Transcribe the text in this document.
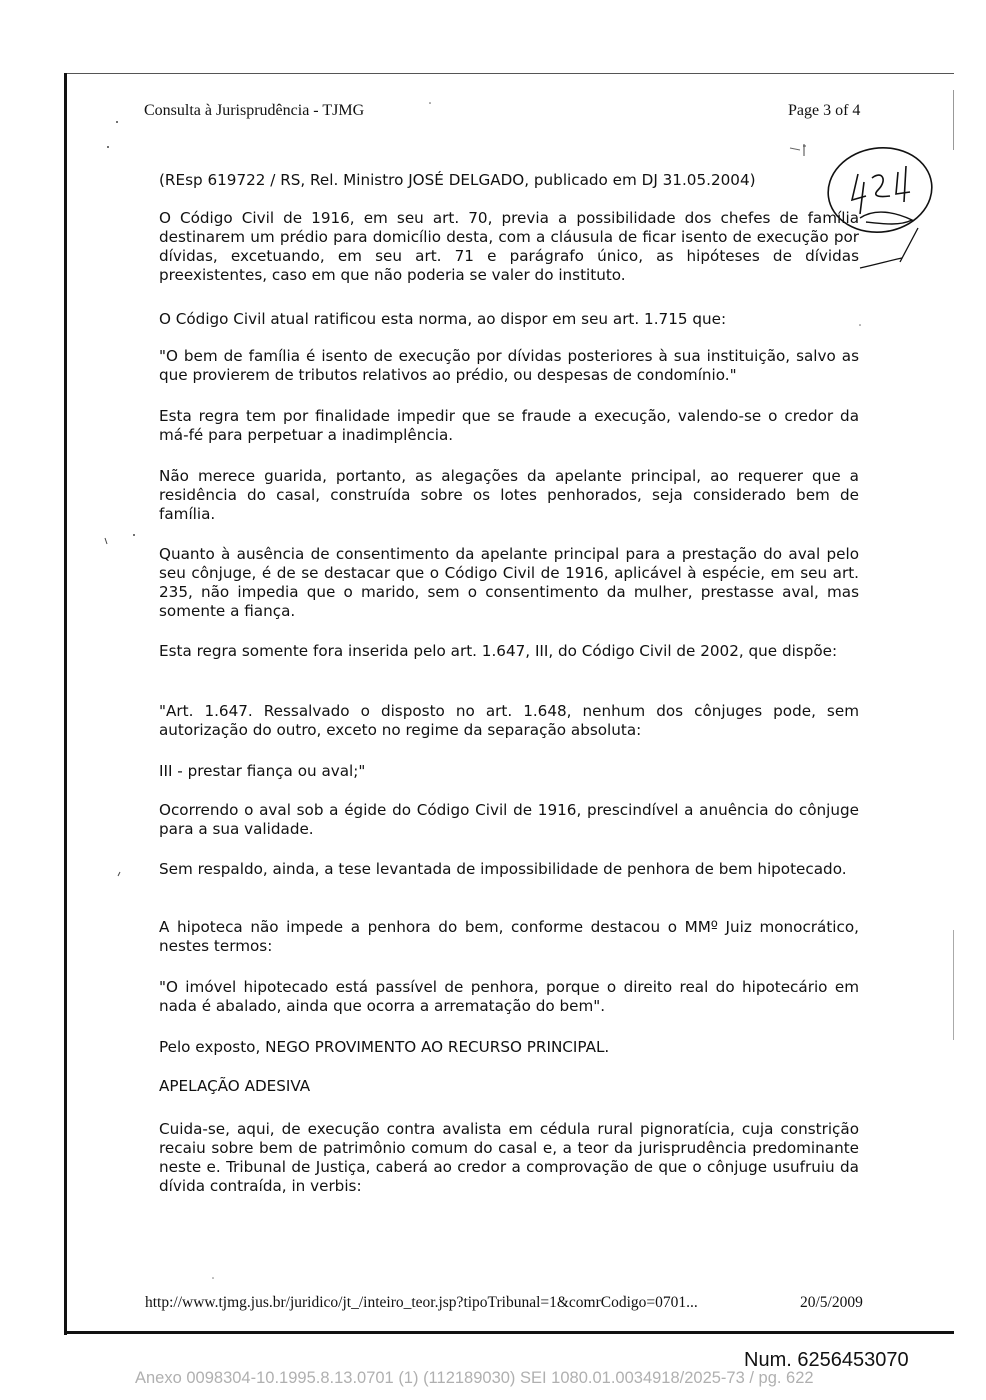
Consulta à Jurisprudência - TJMG	Page 3 of 4

(REsp 619722 / RS, Rel. Ministro JOSÉ DELGADO, publicado em DJ 31.05.2004)

O Código Civil de 1916, em seu art. 70, previa a possibilidade dos chefes de família destinarem um prédio para domicílio desta, com a cláusula de ficar isento de execução por dívidas, excetuando, em seu art. 71 e parágrafo único, as hipóteses de dívidas preexistentes, caso em que não poderia se valer do instituto.

O Código Civil atual ratificou esta norma, ao dispor em seu art. 1.715 que:

"O bem de família é isento de execução por dívidas posteriores à sua instituição, salvo as que provierem de tributos relativos ao prédio, ou despesas de condomínio."

Esta regra tem por finalidade impedir que se fraude a execução, valendo-se o credor da má-fé para perpetuar a inadimplência.

Não merece guarida, portanto, as alegações da apelante principal, ao requerer que a residência do casal, construída sobre os lotes penhorados, seja considerado bem de família.

Quanto à ausência de consentimento da apelante principal para a prestação do aval pelo seu cônjuge, é de se destacar que o Código Civil de 1916, aplicável à espécie, em seu art. 235, não impedia que o marido, sem o consentimento da mulher, prestasse aval, mas somente a fiança.

Esta regra somente fora inserida pelo art. 1.647, III, do Código Civil de 2002, que dispõe:

"Art. 1.647. Ressalvado o disposto no art. 1.648, nenhum dos cônjuges pode, sem autorização do outro, exceto no regime da separação absoluta:

III - prestar fiança ou aval;"

Ocorrendo o aval sob a égide do Código Civil de 1916, prescindível a anuência do cônjuge para a sua validade.

Sem respaldo, ainda, a tese levantada de impossibilidade de penhora de bem hipotecado.

A hipoteca não impede a penhora do bem, conforme destacou o MMº Juiz monocrático, nestes termos:

"O imóvel hipotecado está passível de penhora, porque o direito real do hipotecário em nada é abalado, ainda que ocorra a arrematação do bem".

Pelo exposto, NEGO PROVIMENTO AO RECURSO PRINCIPAL.

APELAÇÃO ADESIVA

Cuida-se, aqui, de execução contra avalista em cédula rural pignoratícia, cuja constrição recaiu sobre bem de patrimônio comum do casal e, a teor da jurisprudência predominante neste e. Tribunal de Justiça, caberá ao credor a comprovação de que o cônjuge usufruiu da dívida contraída, in verbis:

http://www.tjmg.jus.br/juridico/jt_/inteiro_teor.jsp?tipoTribunal=1&comrCodigo=0701...	20/5/2009
Num. 6256453070
Anexo 0098304-10.1995.8.13.0701 (1) (112189030) SEI 1080.01.0034918/2025-73 / pg. 622
